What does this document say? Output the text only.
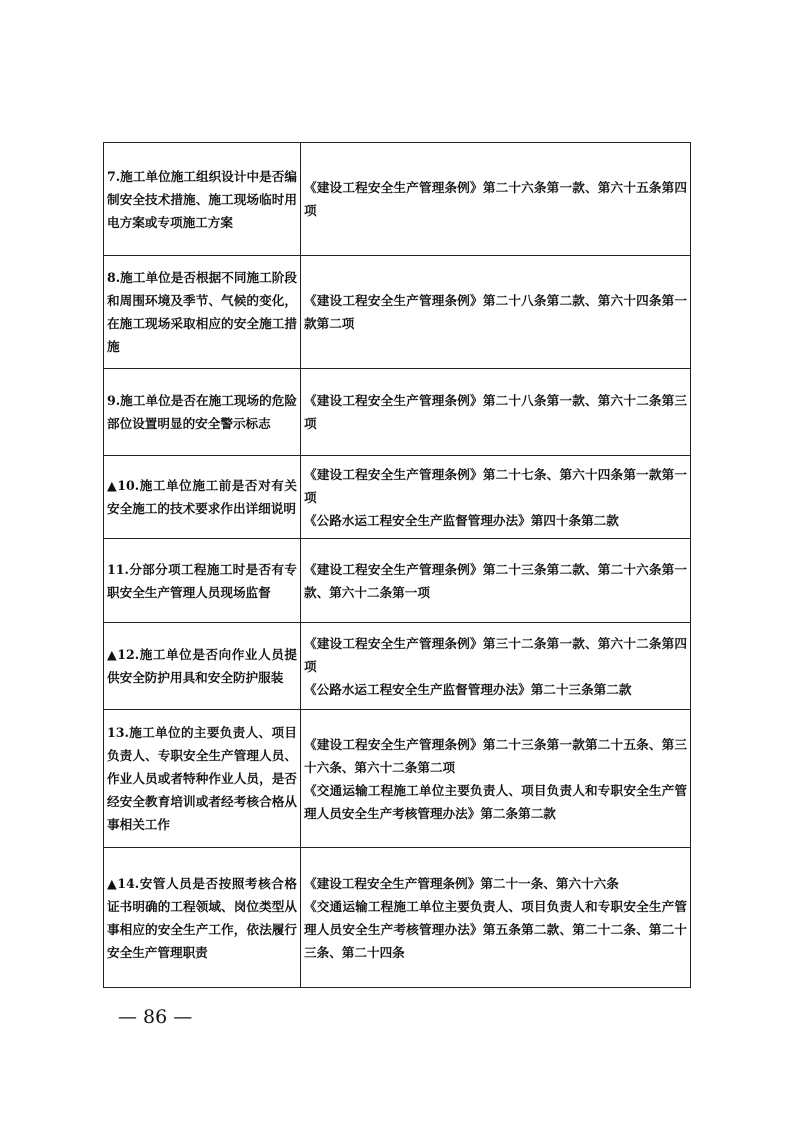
7.施工单位施工组织设计中是否编制安全技术措施、施工现场临时用电方案或专项施工方案	《建设工程安全生产管理条例》第二十六条第一款、第六十五条第四项

8.施工单位是否根据不同施工阶段和周围环境及季节、气候的变化，在施工现场采取相应的安全施工措施	《建设工程安全生产管理条例》第二十八条第二款、第六十四条第一款第二项

9.施工单位是否在施工现场的危险部位设置明显的安全警示标志	《建设工程安全生产管理条例》第二十八条第一款、第六十二条第三项

▲10.施工单位施工前是否对有关安全施工的技术要求作出详细说明	《建设工程安全生产管理条例》第二十七条、第六十四条第一款第一项
《公路水运工程安全生产监督管理办法》第四十条第二款

11.分部分项工程施工时是否有专职安全生产管理人员现场监督	《建设工程安全生产管理条例》第二十三条第二款、第二十六条第一款、第六十二条第一项

▲12.施工单位是否向作业人员提供安全防护用具和安全防护服装	《建设工程安全生产管理条例》第三十二条第一款、第六十二条第四项
《公路水运工程安全生产监督管理办法》第二十三条第二款

13.施工单位的主要负责人、项目负责人、专职安全生产管理人员、作业人员或者特种作业人员，是否经安全教育培训或者经考核合格从事相关工作	《建设工程安全生产管理条例》第二十三条第一款第二十五条、第三十六条、第六十二条第二项
《交通运输工程施工单位主要负责人、项目负责人和专职安全生产管理人员安全生产考核管理办法》第二条第二款

▲14.安管人员是否按照考核合格证书明确的工程领域、岗位类型从事相应的安全生产工作，依法履行安全生产管理职责	《建设工程安全生产管理条例》第二十一条、第六十六条
《交通运输工程施工单位主要负责人、项目负责人和专职安全生产管理人员安全生产考核管理办法》第五条第二款、第二十二条、第二十三条、第二十四条
— 86 —
